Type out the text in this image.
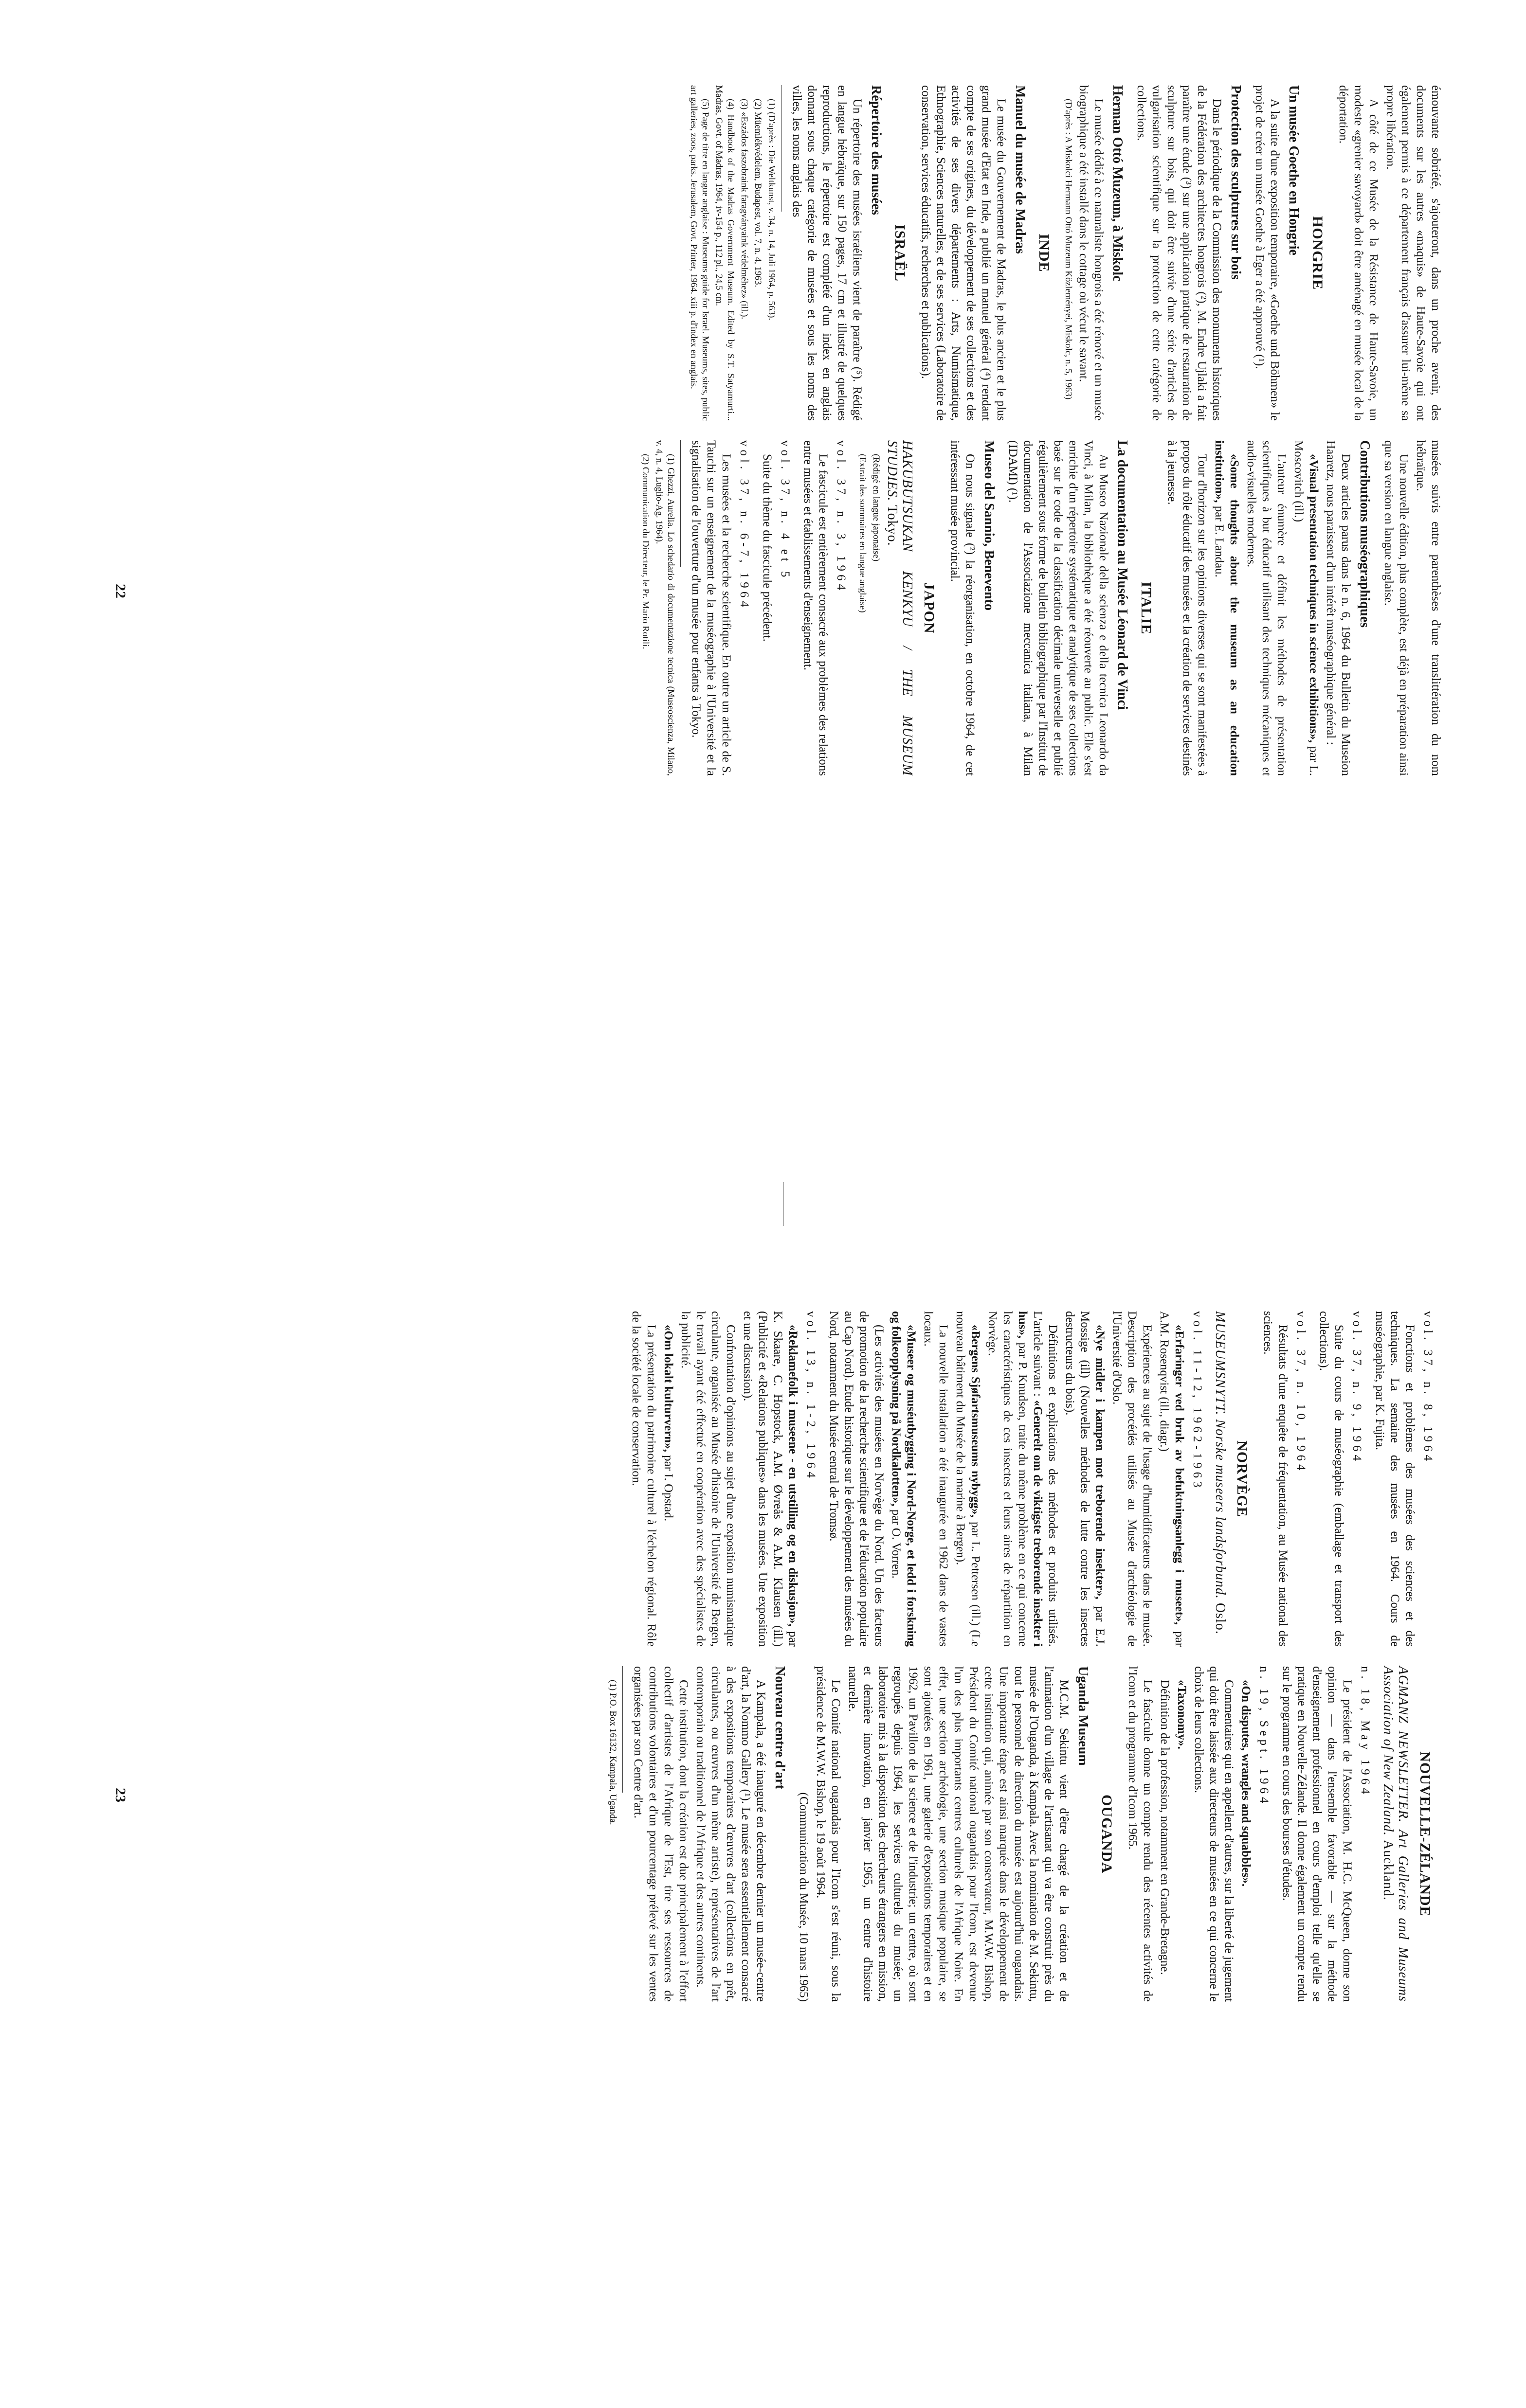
émouvante sobriété, s'ajouteront, dans un proche avenir, des documents sur les autres «maquis» de Haute-Savoie qui ont également permis à ce département français d'assurer lui-même sa propre libération.

A côté de ce Musée de la Résistance de Haute-Savoie, un modeste «grenier savoyard» doit être aménagé en musée local de la déportation.

HONGRIE
Un musée Goethe en Hongrie

A la suite d'une exposition temporaire, «Goethe und Böhmen» le projet de créer un musée Goethe à Eger a été approuvé (¹).

Protection des sculptures sur bois

Dans le périodique de la Commission des monuments historiques de la Fédération des architectes hongrois (²), M. Endre Ujlaki a fait paraître une étude (³) sur une application pratique de restauration de sculpture sur bois, qui doit être suivie d'une série d'articles de vulgarisation scientifique sur la protection de cette catégorie de collections.

Herman Ottó Muzeum, à Miskolc

Le musée dédié à ce naturaliste hongrois a été rénové et un musée biographique a été installé dans le cottage où vécut le savant.

(D'après : A Miskolci Hermann Ottó Muzeum Közleményei, Miskolc, n. 5, 1963)

INDE
Manuel du musée de Madras

Le musée du Gouvernement de Madras, le plus ancien et le plus grand musée d'Etat en Inde, a publié un manuel général (⁴) rendant compte de ses origines, du développement de ses collections et des activités de ses divers départements : Arts, Numismatique, Ethnographie, Sciences naturelles, et de ses services (Laboratoire de conservation, services éducatifs, recherches et publications).

ISRAËL
Répertoire des musées

Un répertoire des musées israéliens vient de paraître (⁵). Rédigé en langue hébraïque, sur 150 pages, 17 cm et illustré de quelques reproductions, le répertoire est complété d'un index en anglais donnant sous chaque catégorie de musées et sous les noms des villes, les noms anglais des

(1) (D'après : Die Weltkunst, v. 34, n. 14, Juli 1964, p. 563).

(2) Müemlékvédelem, Budapest, vol. 7, n. 4, 1963.

(3) «Eszádos faszobraink faragványaink védelméhez» (ill.).

(4) Handbook of the Madras Government Museum. Edited by S.T. Satyamurti... Madras, Govt. of Madras, 1964, iv-154 p., 112 pl., 24,5 cm.

(5) Page de titre en langue anglaise : Museums guide for Israel. Museums, sites, public art galleries, zoos, parks. Jerusalem, Govt. Printer, 1964. xiii p. d'index en anglais.

musées suivis entre parenthèses d'une translittération du nom hébraïque.

Une nouvelle édition, plus complète, est déjà en préparation ainsi que sa version en langue anglaise.

Contributions muséographiques

Deux articles parus dans le n. 6, 1964 du Bulletin du Museion Haaretz, nous paraissent d'un intérêt muséographique général :

«Visual presentation techniques in science exhibitions», par L. Moscovitch (ill.)

L'auteur énumère et définit les méthodes de présentation scientifiques à but éducatif utilisant des techniques mécaniques et audio-visuelles modernes.

«Some thoughts about the museum as an education institution», par E. Landau.

Tour d'horizon sur les opinions diverses qui se sont manifestées à propos du rôle éducatif des musées et la création de services destinés à la jeunesse.

ITALIE
La documentation au Musée Léonard de Vinci

Au Museo Nazionale della scienza e della tecnica Leonardo da Vinci, à Milan, la bibliothèque a été réouverte au public. Elle s'est enrichie d'un répertoire systématique et analytique de ses collections basé sur le code de la classification décimale universelle et publié régulièrement sous forme de bulletin bibliographique par l'Institut de documentation de l'Associazione meccanica italiana, à Milan (IDAMI) (¹).

Museo del Sannio, Benevento

On nous signale (²) la réorganisation, en octobre 1964, de cet intéressant musée provincial.

JAPON
HAKUBUTSUKAN KENKYU / THE MUSEUM STUDIES. Tokyo.

(Rédigé en langue japonaise)

(Extrait des sommaires en langue anglaise)

vol. 37, n. 3, 1964

Le fascicule est entièrement consacré aux problèmes des relations entre musées et établissements d'enseignement.

vol. 37, n. 4 et 5

Suite du thème du fascicule précédent.

vol. 37, n. 6-7, 1964

Les musées et la recherche scientifique. En outre un article de S. Tauchi sur un enseignement de la muséographie à l'Université et la signalisation de l'ouverture d'un musée pour enfants à Tokyo.

(1) Ghezzi, Aurelia. Lo schedario di documentazione tecnica (Museoscienza, Milano, v. 4, n. 4, Luglio-Ag. 1964).

(2) Communication du Directeur, le Pr. Mario Rotili.

22
vol. 37, n. 8, 1964

Fonctions et problèmes des musées des sciences et des techniques. La semaine des musées en 1964. Cours de muséographie, par K. Fujita.

vol. 37, n. 9, 1964

Suite du cours de muséographie (emballage et transport des collections).

vol. 37, n. 10, 1964

Résultats d'une enquête de fréquentation, au Musée national des sciences.

NORVÈGE
MUSEUMSNYTT. Norske museers landsforbund. Oslo.
vol. 11-12, 1962-1963

«Erfaringer ved bruk av befuktningsanlegg i museet», par A.M. Rosenqvist (ill., diagr.)

Expériences au sujet de l'usage d'humidificateurs dans le musée. Description des procédés utilisés au Musée d'archéologie de l'Université d'Oslo.

«Nye midler i kampen mot treborende insekter», par E.J. Mossige (ill) (Nouvelles méthodes de lutte contre les insectes destructeurs du bois).

Définitions et explications des méthodes et produits utilisés. L'article suivant : «Generelt om de viktigste treborende insekter i hus», par P. Knudsen, traite du même problème en ce qui concerne les caractéristiques de ces insectes et leurs aires de répartition en Norvège.

«Bergens Sjøfartsmuseums nybygg», par L. Pettersen (ill.) (Le nouveau bâtiment du Musée de la marine à Bergen).

La nouvelle installation a été inaugurée en 1962 dans de vastes locaux.

«Museer og muséutbygging i Nord-Norge, et ledd i forskning og folkeopplysning på Nordkalotten», par O. Vorren.

(Les activités des musées en Norvège du Nord. Un des facteurs de promotion de la recherche scientifique et de l'éducation populaire au Cap Nord). Etude historique sur le développement des musées du Nord, notamment du Musée central de Tromsø.

vol. 13, n. 1-2, 1964

«Reklamefolk i museene - en utstilling og en diskusjon», par K. Skaare, C. Hopstock, A.M. Øvreås & A.M. Klausen (ill.) (Publicité et «Relations publiques» dans les musées. Une exposition et une discussion).

Confrontation d'opinions au sujet d'une exposition numismatique circulante, organisée au Musée d'histoire de l'Université de Bergen, le travail ayant été effectué en coopération avec des spécialistes de la publicité.

«Om lokalt kulturvern», par I. Opstad.

La présentation du patrimoine culturel à l'échelon régional. Rôle de la société locale de conservation.

NOUVELLE-ZÉLANDE
AGMANZ NEWSLETTER. Art Galleries and Museums Association of New Zealand. Auckland.
n. 18, May 1964

Le président de l'Association, M. H.C. McQueen, donne son opinion — dans l'ensemble favorable — sur la méthode d'enseignement professionnel en cours d'emploi telle qu'elle se pratique en Nouvelle-Zélande. Il donne également un compte rendu sur le programme en cours des bourses d'études.

n. 19, Sept. 1964

«On disputes, wrangles and squabbles».

Commentaires qui en appellent d'autres, sur la liberté de jugement qui doit être laissée aux directeurs de musées en ce qui concerne le choix de leurs collections.

«Taxonomy».

Définition de la profession, notamment en Grande-Bretagne.

Le fascicule donne un compte rendu des récentes activités de l'Icom et du programme d'Icom 1965.

OUGANDA
Uganda Museum

M.C.M. Sekintu vient d'être chargé de la création et de l'animation d'un village de l'artisanat qui va être construit près du musée de l'Ouganda, à Kampala. Avec la nomination de M. Sekintu, tout le personnel de direction du musée est aujourd'hui ougandais. Une importante étape est ainsi marquée dans le développement de cette institution qui, animée par son conservateur, M.W.W. Bishop, Président du Comité national ougandais pour l'Icom, est devenue l'un des plus importants centres culturels de l'Afrique Noire. En effet, une section archéologie, une section musique populaire, se sont ajoutées en 1961, une galerie d'expositions temporaires et en 1962, un Pavillon de la science et de l'industrie; un centre, où sont regroupés depuis 1964, les services culturels du musée; un laboratoire mis à la disposition des chercheurs étrangers en mission, et dernière innovation, en janvier 1965, un centre d'histoire naturelle.

Le Comité national ougandais pour l'Icom s'est réuni, sous la présidence de M.W.W. Bishop, le 19 août 1964.

(Communication du Musée, 10 mars 1965)

Nouveau centre d'art

A Kampala, a été inauguré en décembre dernier un musée-centre d'art, la Nommo Gallery (¹). Le musée sera essentiellement consacré à des expositions temporaires d'œuvres d'art (collections en prêt, circulantes, ou œuvres d'un même artiste), représentatives de l'art contemporain ou traditionnel de l'Afrique et des autres continents.

Cette institution, dont la création est due principalement à l'effort collectif d'artistes de l'Afrique de l'Est, tire ses ressources de contributions volontaires et d'un pourcentage prélevé sur les ventes organisées par son Centre d'art.

(1) P.O. Box 16132, Kampala, Uganda.

23
